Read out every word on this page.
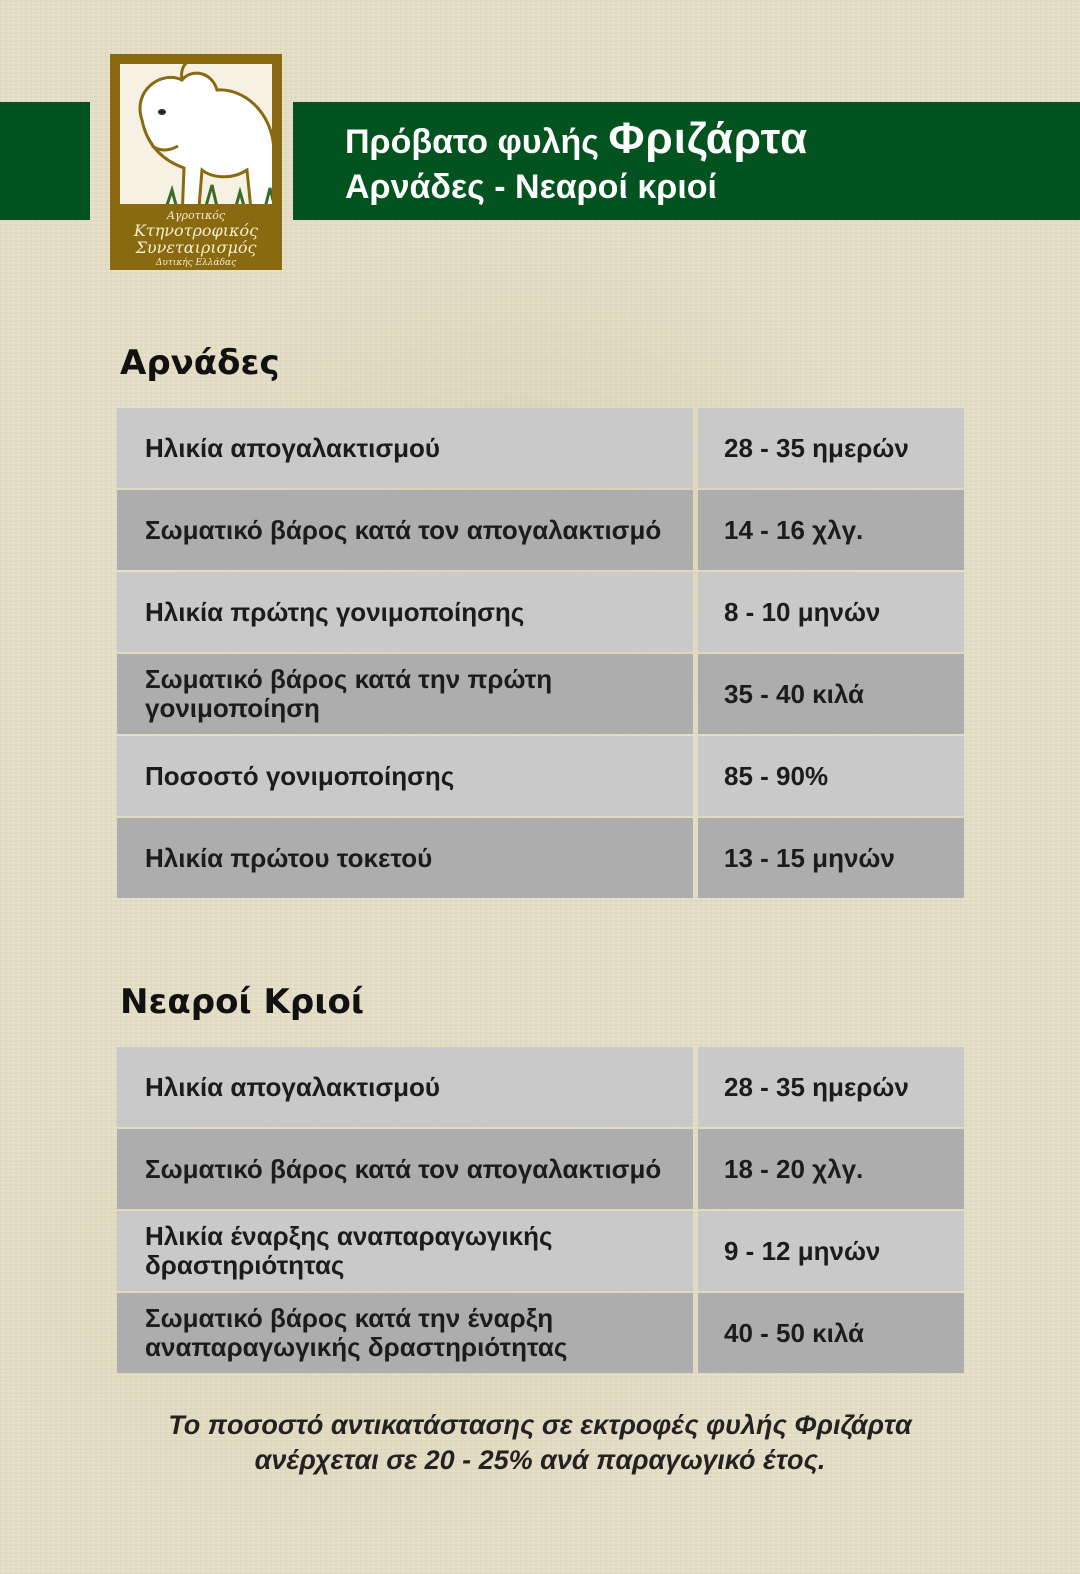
Πρόβατο φυλής Φριζάρτα
Αρνάδες - Νεαροί κριοί
Αγροτικός
Κτηνοτροφικός
Συνεταιρισμός
Δυτικής Ελλάδας
Αρνάδες
Ηλικία απογαλακτισμού	28 - 35 ημερών
Σωματικό βάρος κατά τον απογαλακτισμό	14 - 16 χλγ.
Ηλικία πρώτης γονιμοποίησης	8 - 10 μηνών
Σωματικό βάρος κατά την πρώτη γονιμοποίηση	35 - 40 κιλά
Ποσοστό γονιμοποίησης	85 - 90%
Ηλικία πρώτου τοκετού	13 - 15 μηνών
Νεαροί Κριοί
Ηλικία απογαλακτισμού	28 - 35 ημερών
Σωματικό βάρος κατά τον απογαλακτισμό	18 - 20 χλγ.
Ηλικία έναρξης αναπαραγωγικής δραστηριότητας	9 - 12 μηνών
Σωματικό βάρος κατά την έναρξη αναπαραγωγικής δραστηριότητας	40 - 50 κιλά
Το ποσοστό αντικατάστασης σε εκτροφές φυλής Φριζάρτα
ανέρχεται σε 20 - 25% ανά παραγωγικό έτος.
